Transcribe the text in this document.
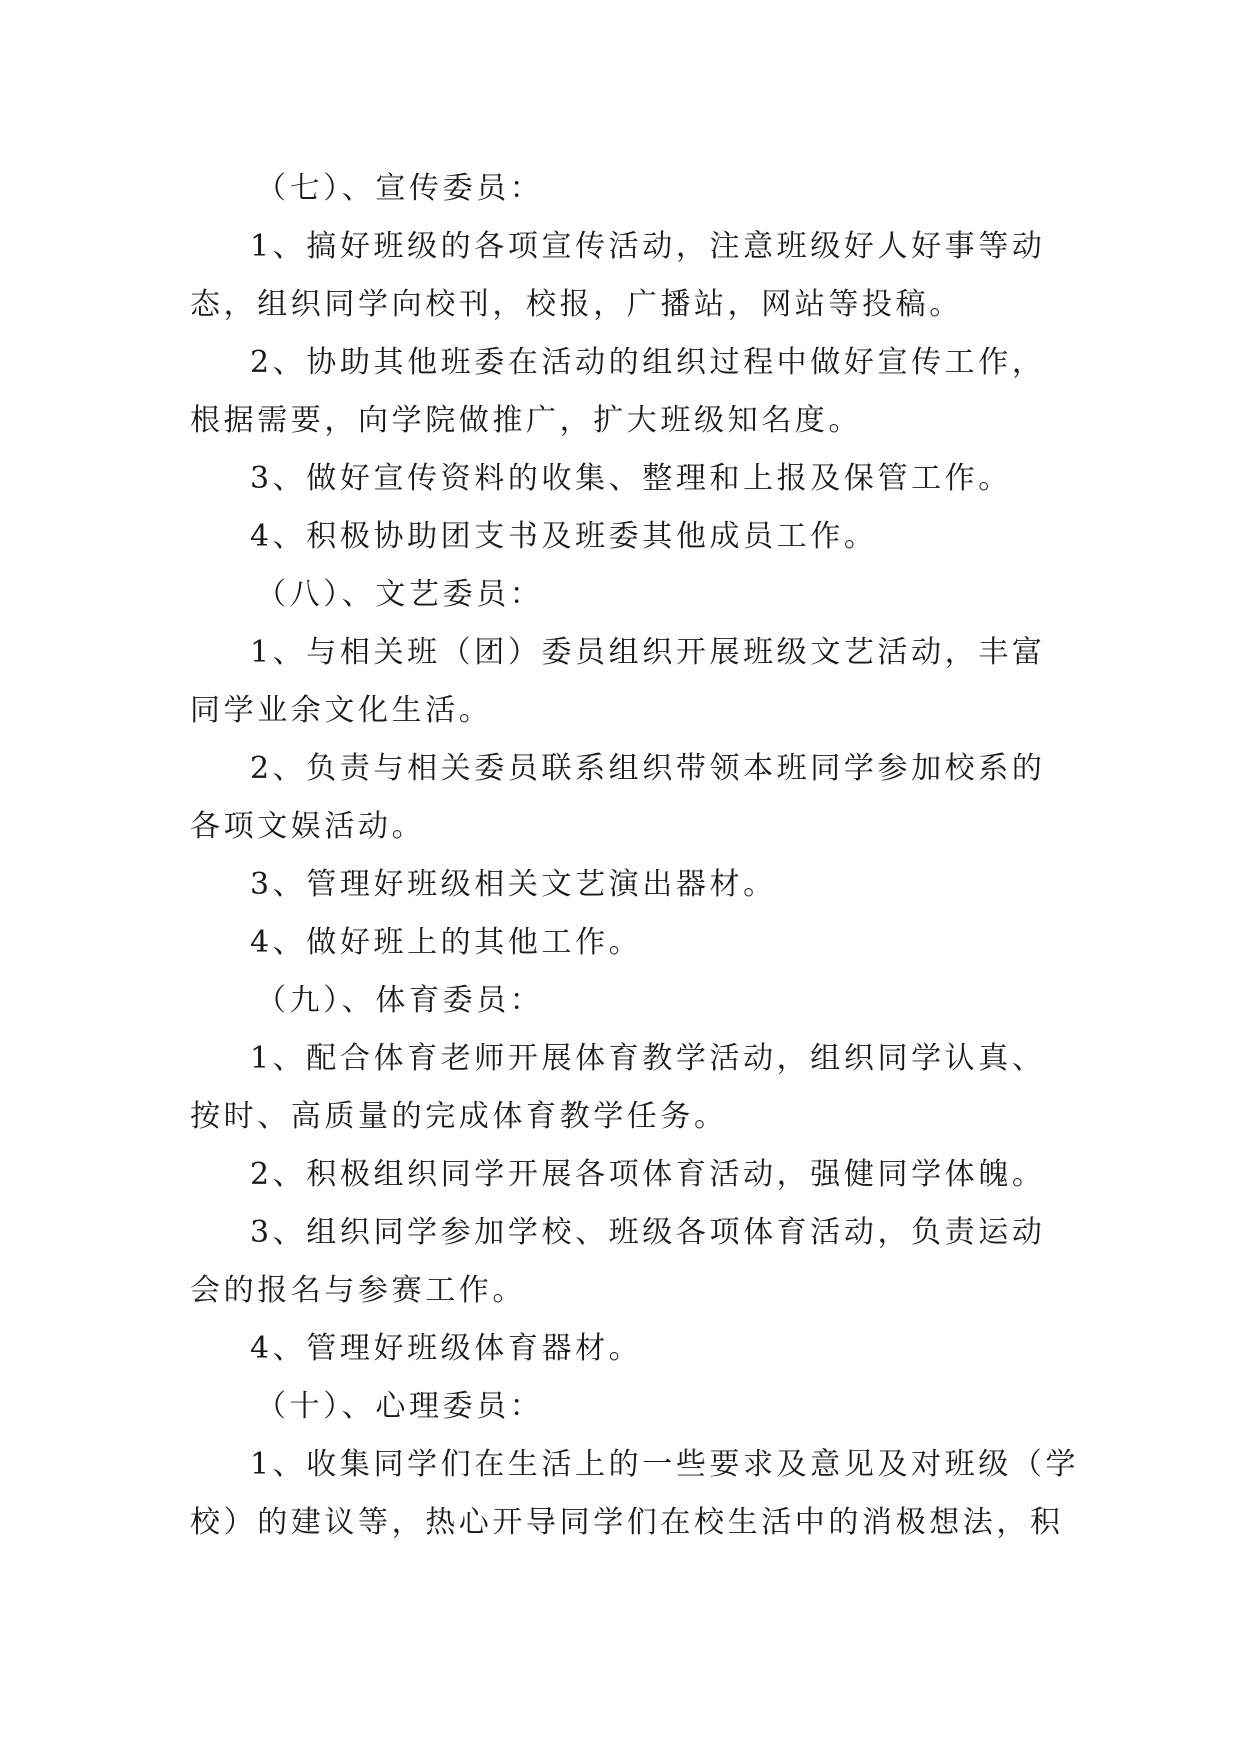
（七）、宣传委员：
1、搞好班级的各项宣传活动，注意班级好人好事等动
态，组织同学向校刊，校报，广播站，网站等投稿。
2、协助其他班委在活动的组织过程中做好宣传工作，
根据需要，向学院做推广，扩大班级知名度。
3、做好宣传资料的收集、整理和上报及保管工作。
4、积极协助团支书及班委其他成员工作。
（八）、文艺委员：
1、与相关班（团）委员组织开展班级文艺活动，丰富
同学业余文化生活。
2、负责与相关委员联系组织带领本班同学参加校系的
各项文娱活动。
3、管理好班级相关文艺演出器材。
4、做好班上的其他工作。
（九）、体育委员：
1、配合体育老师开展体育教学活动，组织同学认真、
按时、高质量的完成体育教学任务。
2、积极组织同学开展各项体育活动，强健同学体魄。
3、组织同学参加学校、班级各项体育活动，负责运动
会的报名与参赛工作。
4、管理好班级体育器材。
（十）、心理委员：
1、收集同学们在生活上的一些要求及意见及对班级（学
校）的建议等，热心开导同学们在校生活中的消极想法，积
